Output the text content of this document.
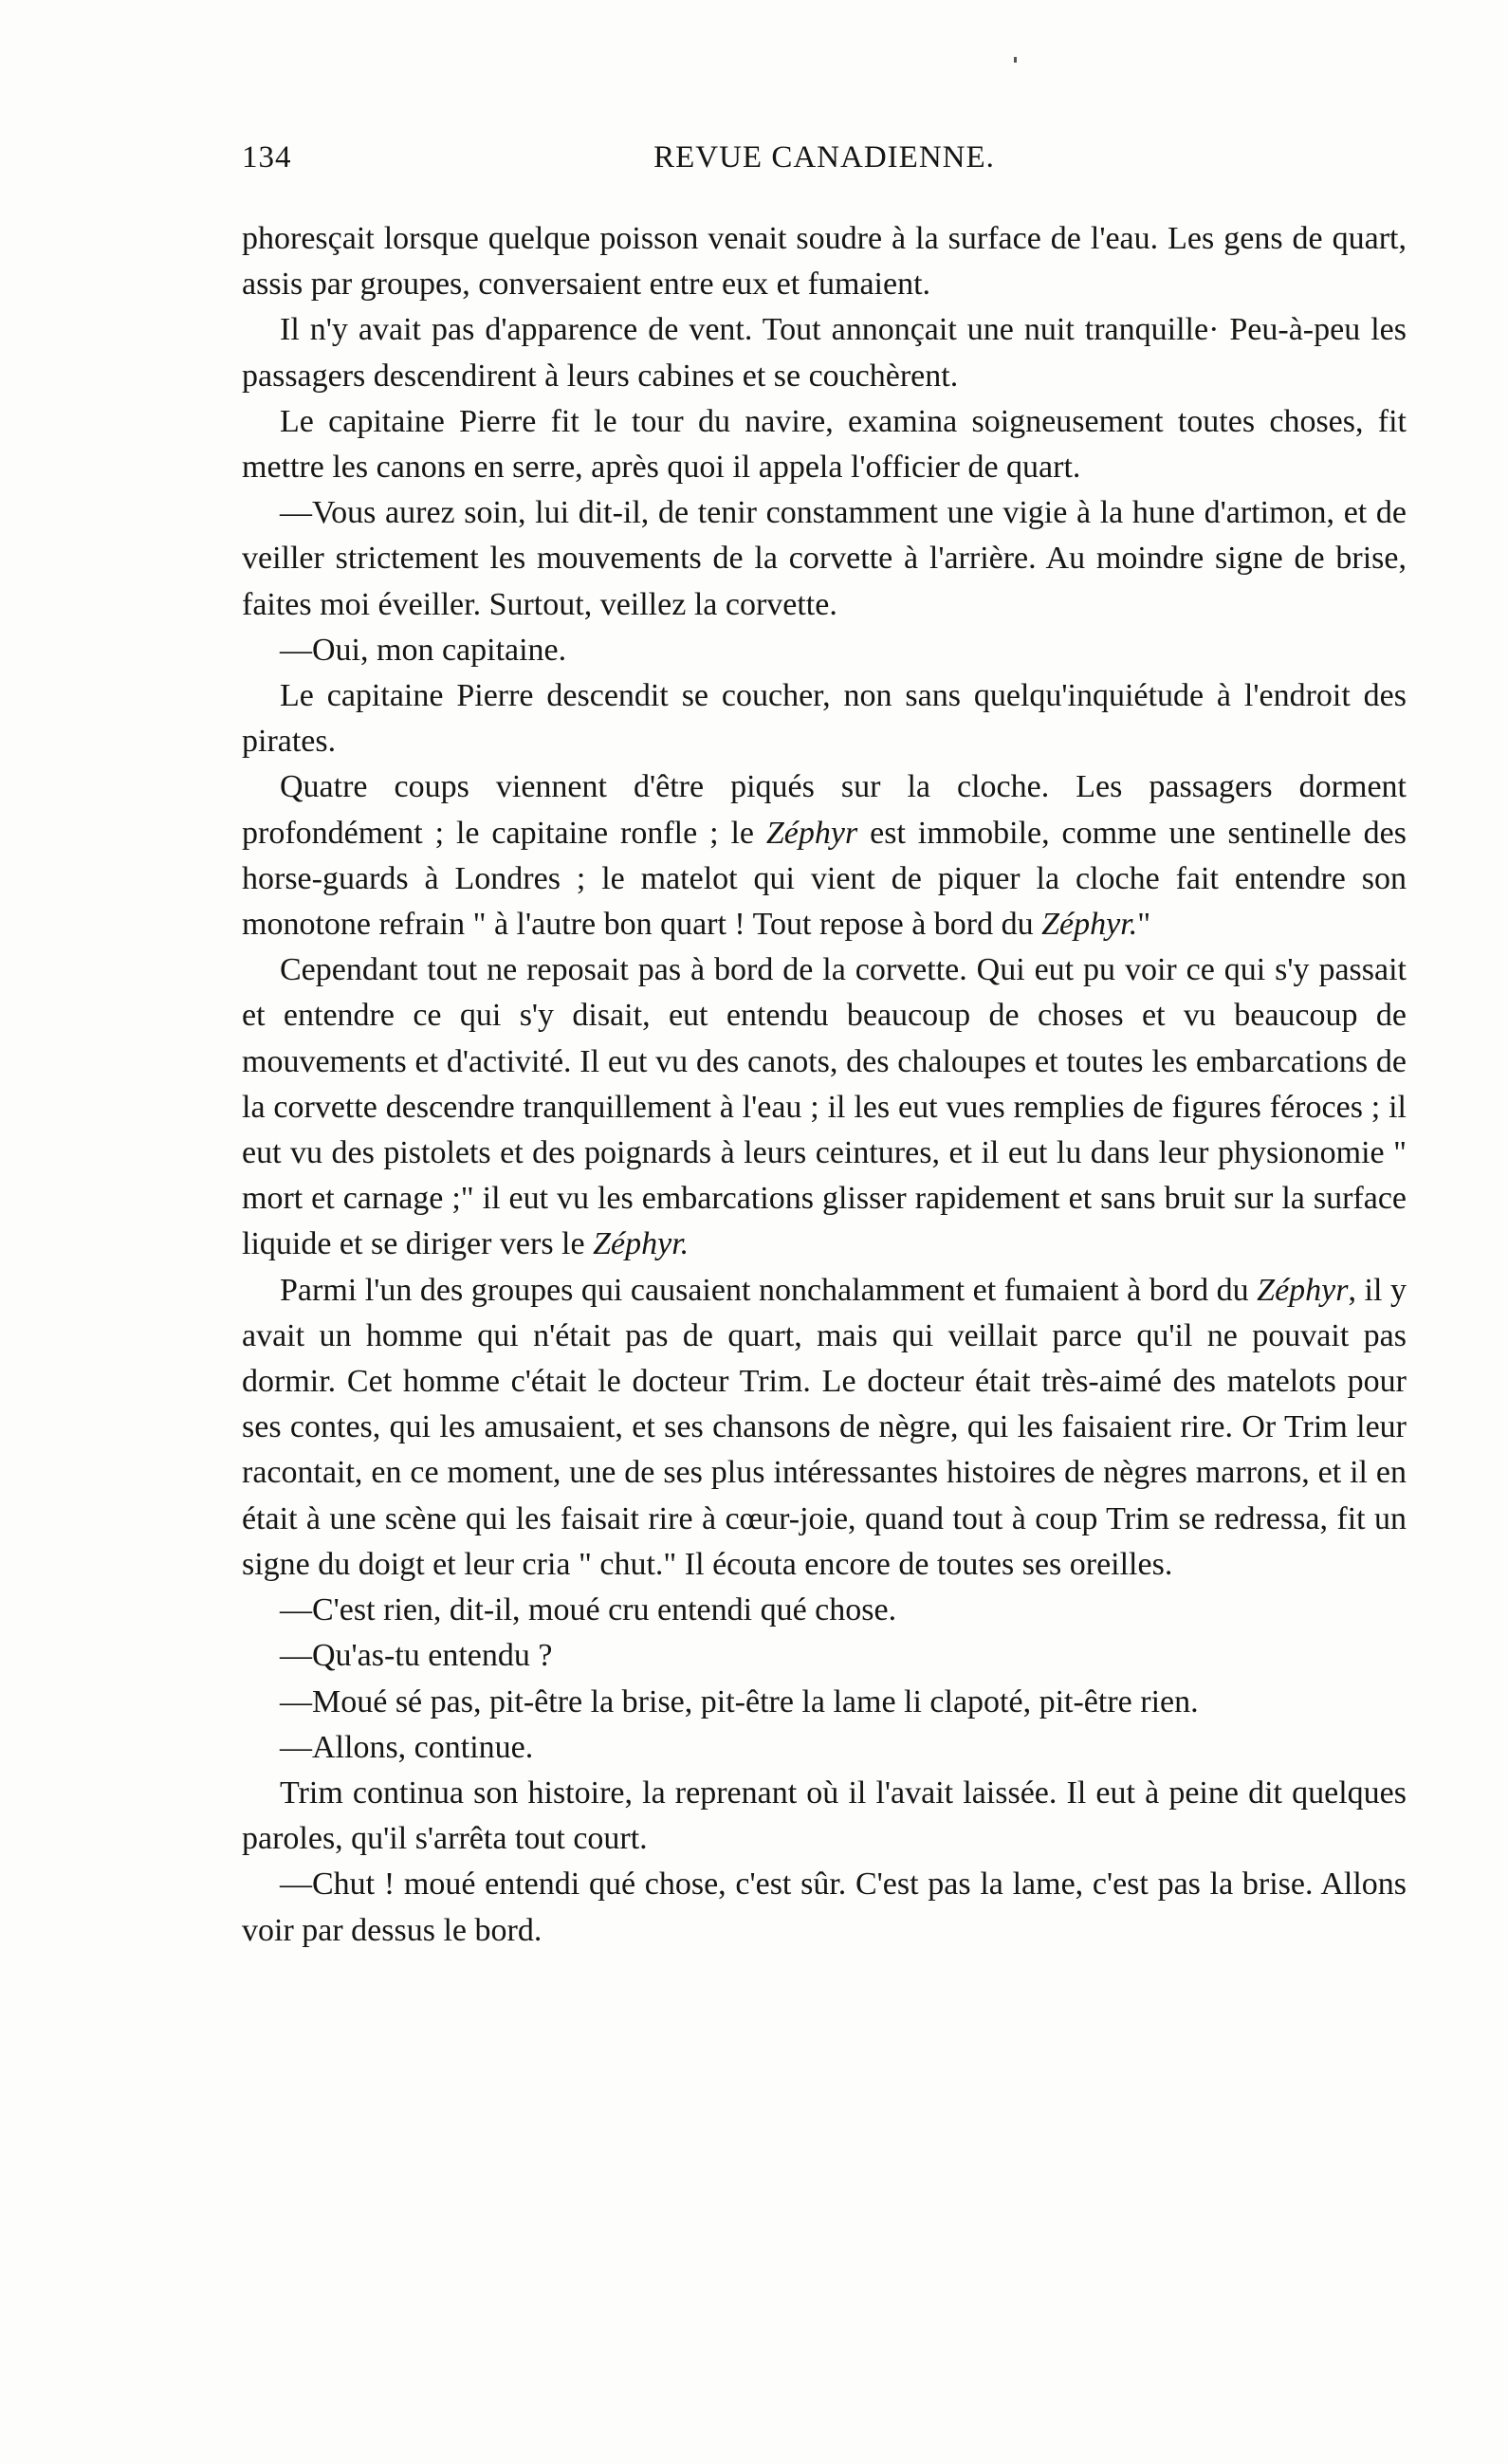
134	REVUE CANADIENNE.

phoresçait lorsque quelque poisson venait soudre à la surface de l'eau. Les gens de quart, assis par groupes, conversaient entre eux et fumaient.

Il n'y avait pas d'apparence de vent. Tout annonçait une nuit tranquille· Peu-à-peu les passagers descendirent à leurs cabines et se couchèrent.

Le capitaine Pierre fit le tour du navire, examina soigneusement toutes choses, fit mettre les canons en serre, après quoi il appela l'officier de quart.

—Vous aurez soin, lui dit-il, de tenir constamment une vigie à la hune d'artimon, et de veiller strictement les mouvements de la corvette à l'arrière. Au moindre signe de brise, faites moi éveiller. Surtout, veillez la corvette.

—Oui, mon capitaine.

Le capitaine Pierre descendit se coucher, non sans quelqu'inquiétude à l'endroit des pirates.

Quatre coups viennent d'être piqués sur la cloche. Les passagers dorment profondément ; le capitaine ronfle ; le Zéphyr est immobile, comme une sentinelle des horse-guards à Londres ; le matelot qui vient de piquer la cloche fait entendre son monotone refrain " à l'autre bon quart ! Tout repose à bord du Zéphyr."

Cependant tout ne reposait pas à bord de la corvette. Qui eut pu voir ce qui s'y passait et entendre ce qui s'y disait, eut entendu beaucoup de choses et vu beaucoup de mouvements et d'activité. Il eut vu des canots, des chaloupes et toutes les embarcations de la corvette descendre tranquillement à l'eau ; il les eut vues remplies de figures féroces ; il eut vu des pistolets et des poignards à leurs ceintures, et il eut lu dans leur physionomie " mort et carnage ;" il eut vu les embarcations glisser rapidement et sans bruit sur la surface liquide et se diriger vers le Zéphyr.

Parmi l'un des groupes qui causaient nonchalamment et fumaient à bord du Zéphyr, il y avait un homme qui n'était pas de quart, mais qui veillait parce qu'il ne pouvait pas dormir. Cet homme c'était le docteur Trim. Le docteur était très-aimé des matelots pour ses contes, qui les amusaient, et ses chansons de nègre, qui les faisaient rire. Or Trim leur racontait, en ce moment, une de ses plus intéressantes histoires de nègres marrons, et il en était à une scène qui les faisait rire à cœur-joie, quand tout à coup Trim se redressa, fit un signe du doigt et leur cria " chut." Il écouta encore de toutes ses oreilles.

—C'est rien, dit-il, moué cru entendi qué chose.

—Qu'as-tu entendu ?

—Moué sé pas, pit-être la brise, pit-être la lame li clapoté, pit-être rien.

—Allons, continue.

Trim continua son histoire, la reprenant où il l'avait laissée. Il eut à peine dit quelques paroles, qu'il s'arrêta tout court.

—Chut ! moué entendi qué chose, c'est sûr. C'est pas la lame, c'est pas la brise. Allons voir par dessus le bord.
